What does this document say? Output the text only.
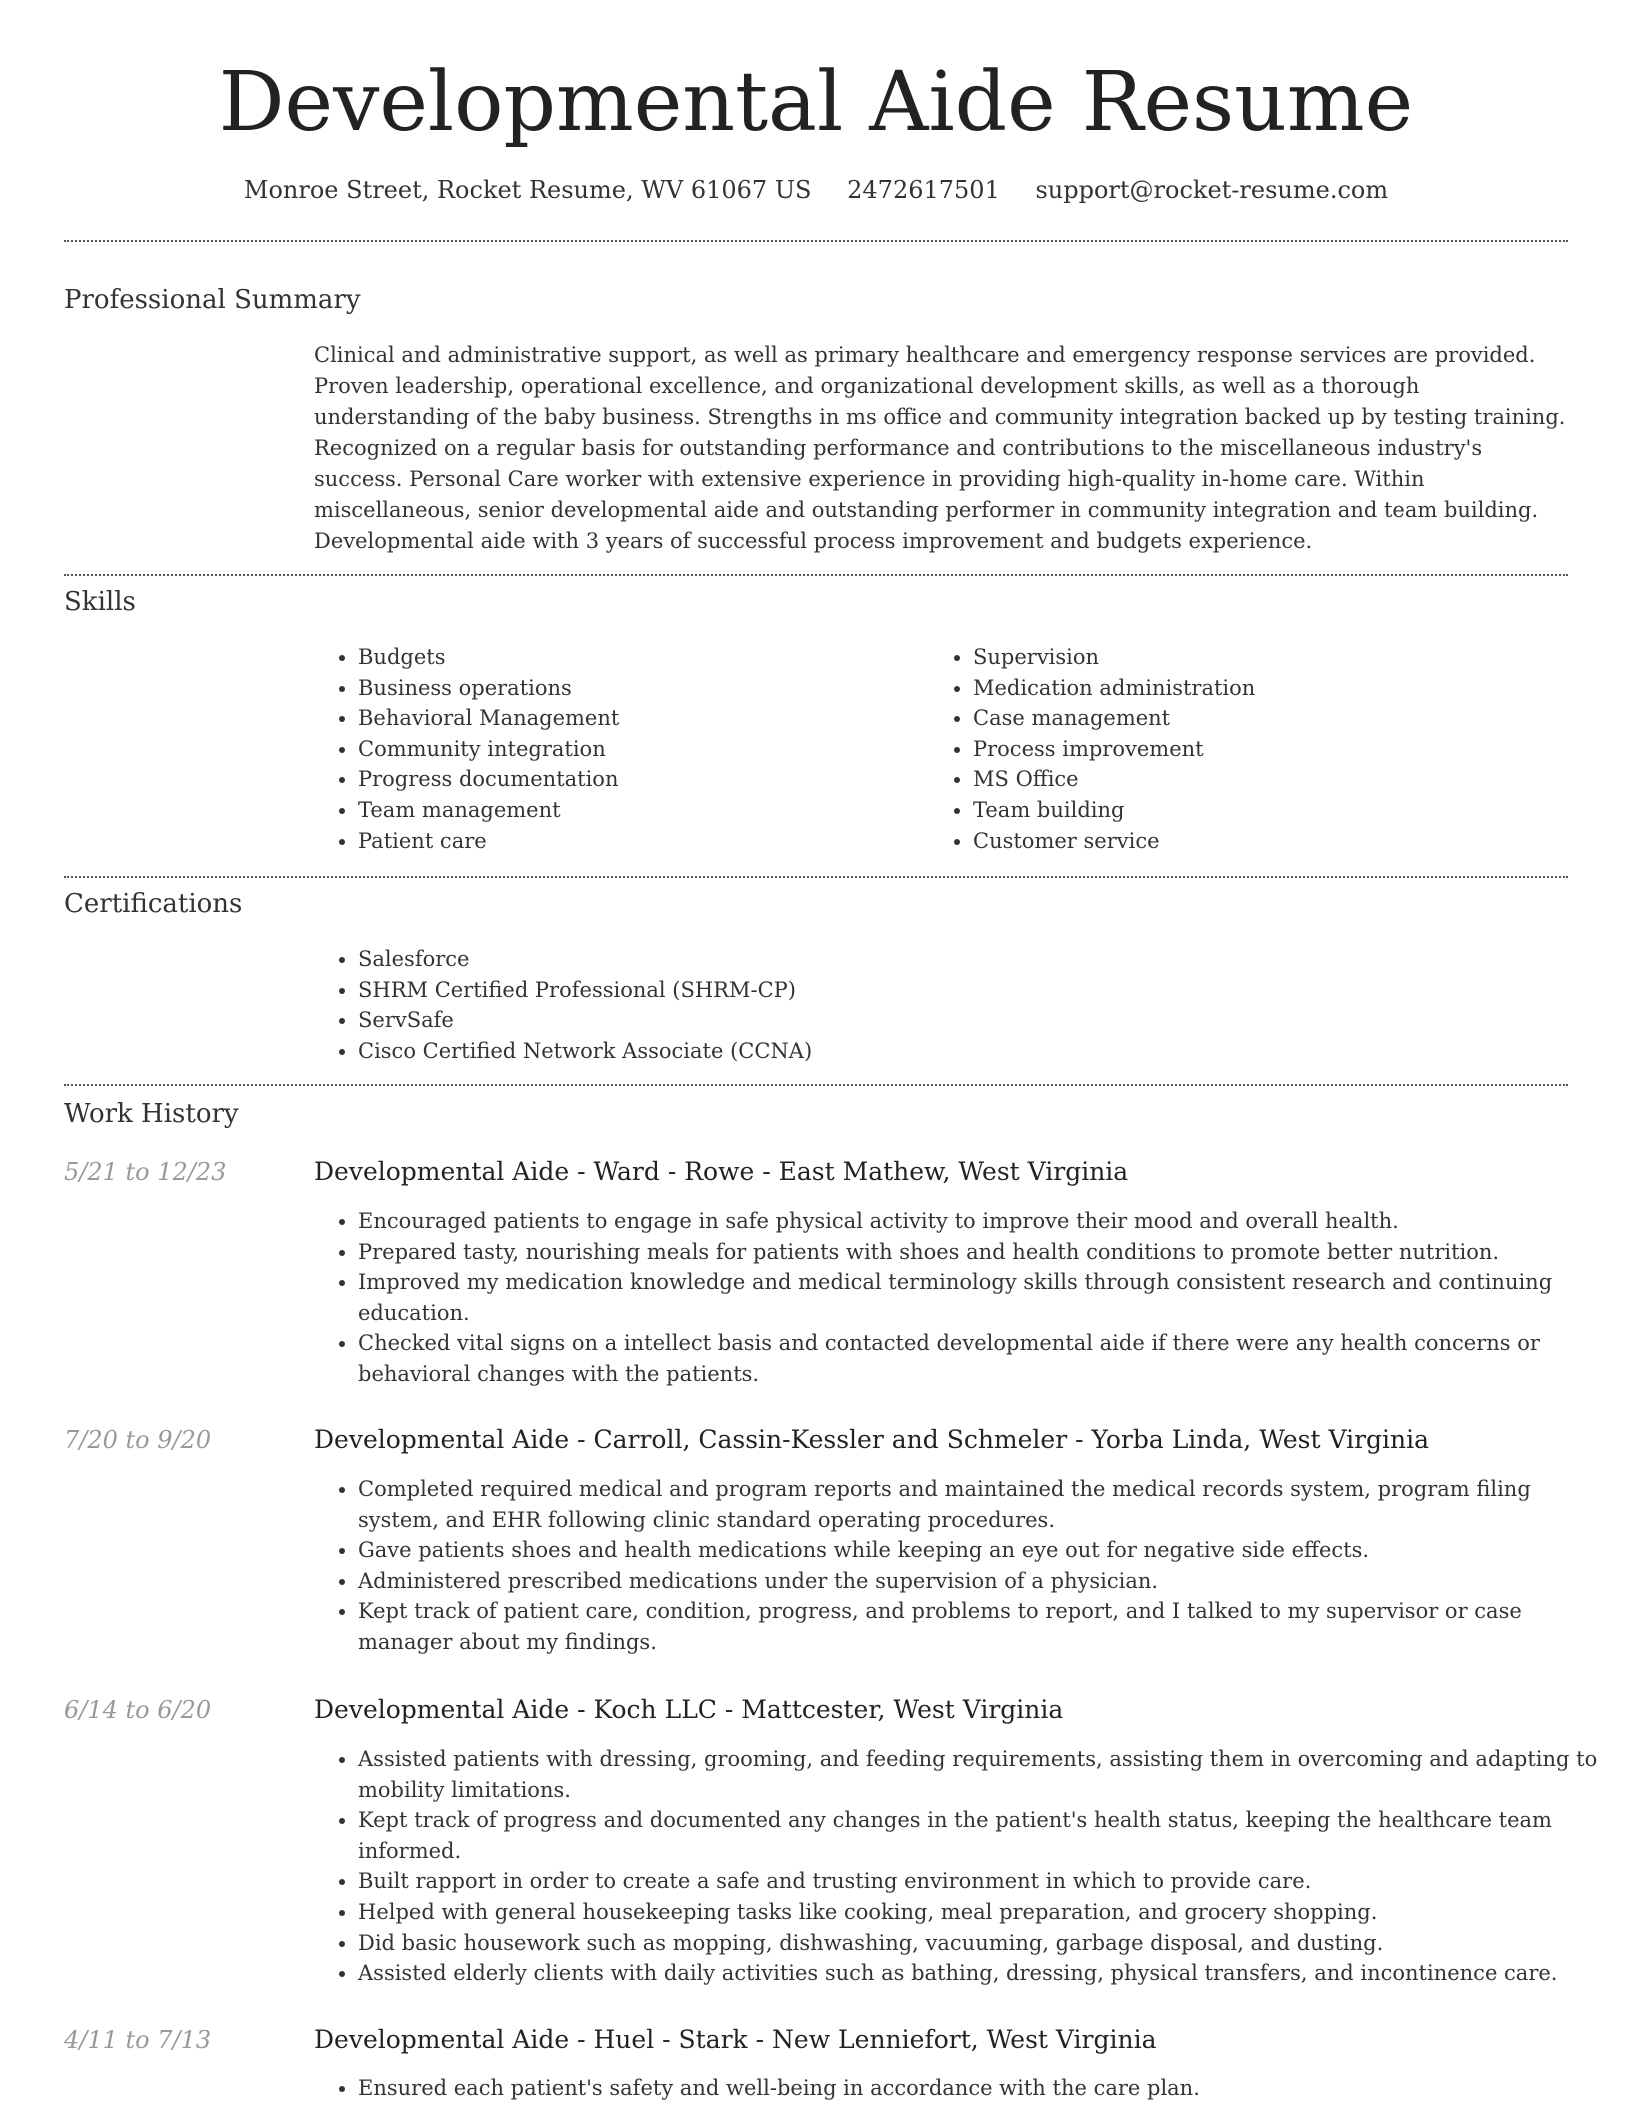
Developmental Aide Resume
Monroe Street, Rocket Resume, WV 61067 US 2472617501 support@rocket-resume.com
Professional Summary
Clinical and administrative support, as well as primary healthcare and emergency response services are provided. Proven leadership, operational excellence, and organizational development skills, as well as a thorough understanding of the baby business. Strengths in ms office and community integration backed up by testing training. Recognized on a regular basis for outstanding performance and contributions to the miscellaneous industry's success. Personal Care worker with extensive experience in providing high-quality in-home care. Within miscellaneous, senior developmental aide and outstanding performer in community integration and team building. Developmental aide with 3 years of successful process improvement and budgets experience.
Skills
• Budgets
• Business operations
• Behavioral Management
• Community integration
• Progress documentation
• Team management
• Patient care
• Supervision
• Medication administration
• Case management
• Process improvement
• MS Office
• Team building
• Customer service
Certifications
• Salesforce
• SHRM Certified Professional (SHRM-CP)
• ServSafe
• Cisco Certified Network Associate (CCNA)
Work History
5/21 to 12/23	Developmental Aide - Ward - Rowe - East Mathew, West Virginia
• Encouraged patients to engage in safe physical activity to improve their mood and overall health.
• Prepared tasty, nourishing meals for patients with shoes and health conditions to promote better nutrition.
• Improved my medication knowledge and medical terminology skills through consistent research and continuing education.
• Checked vital signs on a intellect basis and contacted developmental aide if there were any health concerns or behavioral changes with the patients.
7/20 to 9/20	Developmental Aide - Carroll, Cassin-Kessler and Schmeler - Yorba Linda, West Virginia
• Completed required medical and program reports and maintained the medical records system, program filing system, and EHR following clinic standard operating procedures.
• Gave patients shoes and health medications while keeping an eye out for negative side effects.
• Administered prescribed medications under the supervision of a physician.
• Kept track of patient care, condition, progress, and problems to report, and I talked to my supervisor or case manager about my findings.
6/14 to 6/20	Developmental Aide - Koch LLC - Mattcester, West Virginia
• Assisted patients with dressing, grooming, and feeding requirements, assisting them in overcoming and adapting to mobility limitations.
• Kept track of progress and documented any changes in the patient's health status, keeping the healthcare team informed.
• Built rapport in order to create a safe and trusting environment in which to provide care.
• Helped with general housekeeping tasks like cooking, meal preparation, and grocery shopping.
• Did basic housework such as mopping, dishwashing, vacuuming, garbage disposal, and dusting.
• Assisted elderly clients with daily activities such as bathing, dressing, physical transfers, and incontinence care.
4/11 to 7/13	Developmental Aide - Huel - Stark - New Lenniefort, West Virginia
• Ensured each patient's safety and well-being in accordance with the care plan.
